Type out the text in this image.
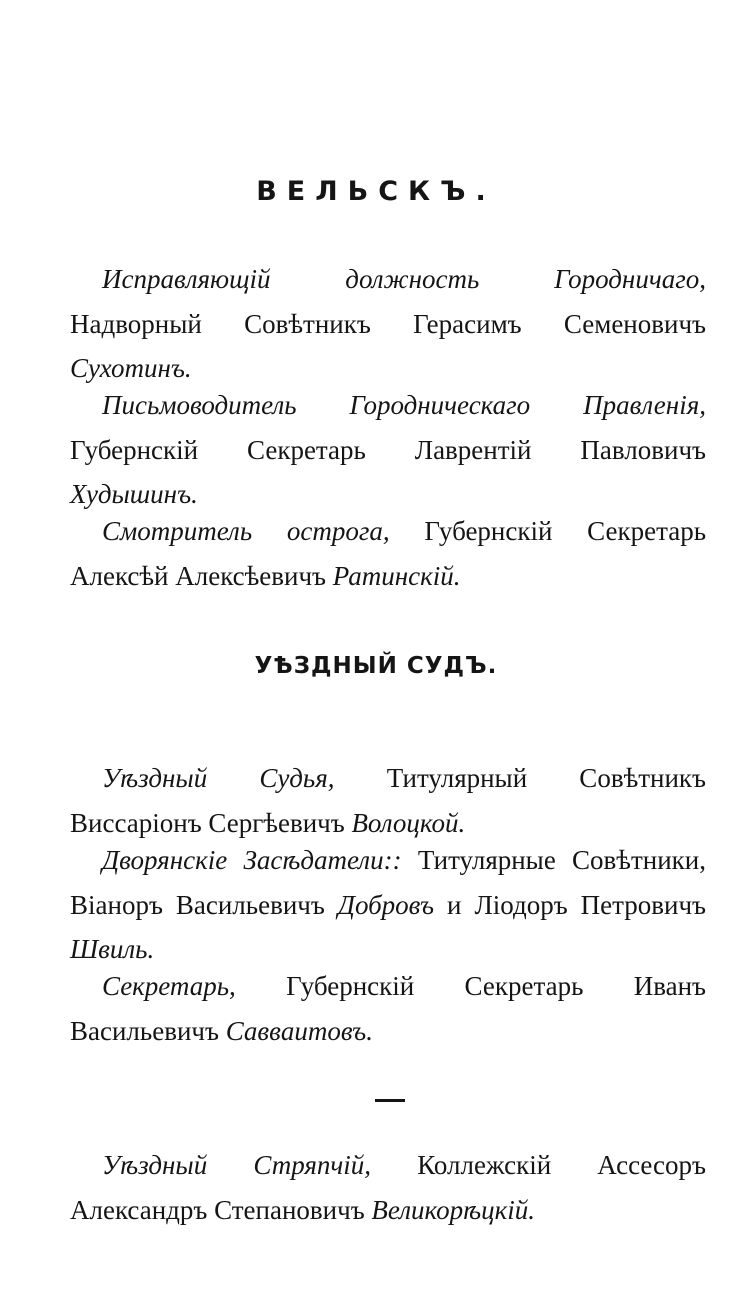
ВЕЛЬСКЪ.

Исправляющій должность Городничаго, Надворный Совѣтникъ Герасимъ Семеновичъ Сухотинъ.

Письмоводитель Городническаго Правленія, Губернскій Секретарь Лаврентій Павловичъ Худышинъ.

Смотритель острога, Губернскій Секретарь Алексѣй Алексѣевичъ Ратинскій.

УѢЗДНЫЙ СУДЪ.

Уѣздный Судья, Титулярный Совѣтникъ Виссаріонъ Сергѣевичъ Волоцкой.

Дворянскіе Засѣдатели:: Титулярные Совѣтники, Віаноръ Васильевичъ Добровъ и Ліодоръ Петровичъ Швиль.

Секретарь, Губернскій Секретарь Иванъ Васильевичъ Саввaитовъ.

Уѣздный Стряпчій, Коллежскій Ассесоръ Александръ Степановичъ Великорѣцкій.
